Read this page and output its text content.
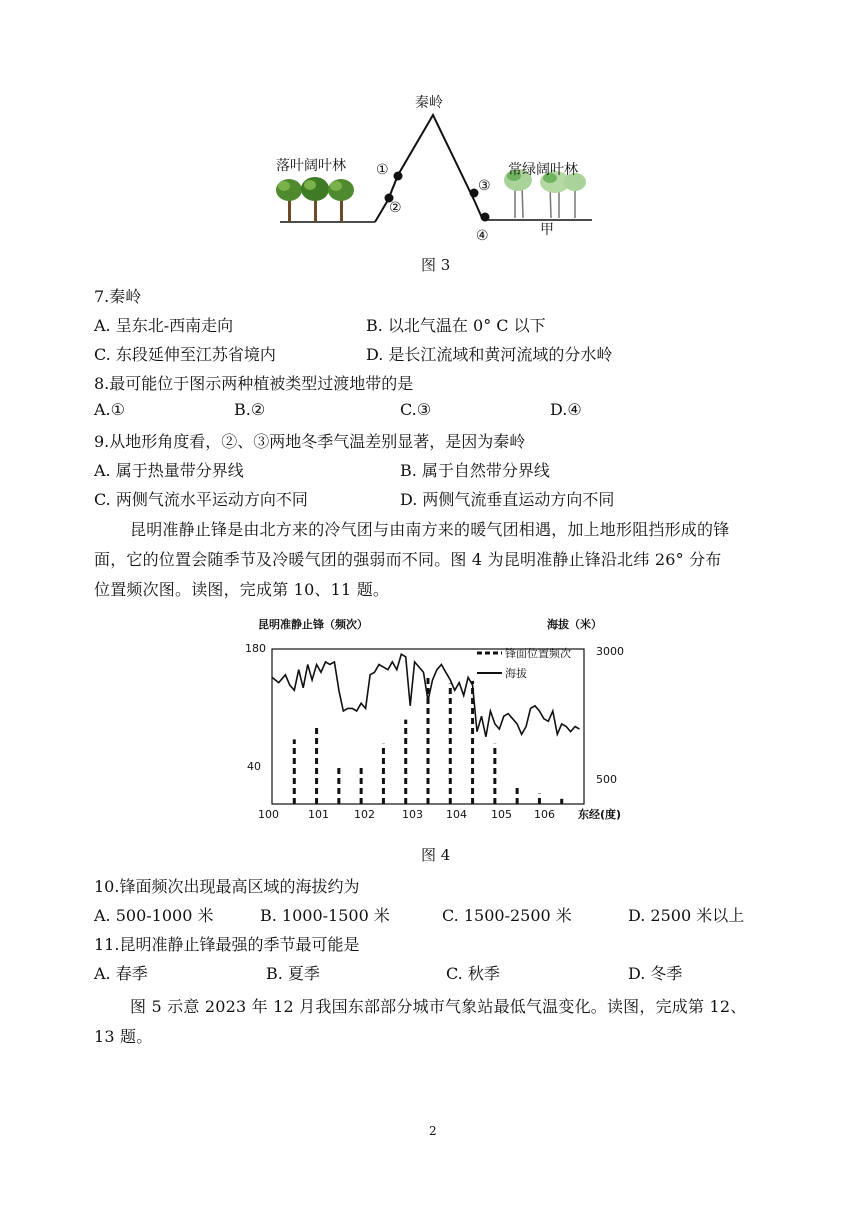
秦岭
落叶阔叶林	常绿阔叶林
①
②
③
④	甲
图 3
7.秦岭
A. 呈东北-西南走向	B. 以北气温在 0° C 以下
C. 东段延伸至江苏省境内	D. 是长江流域和黄河流域的分水岭
8.最可能位于图示两种植被类型过渡地带的是
A.①	B.②	C.③	D.④
9.从地形角度看，②、③两地冬季气温差别显著，是因为秦岭
A. 属于热量带分界线	B. 属于自然带分界线
C. 两侧气流水平运动方向不同	D. 两侧气流垂直运动方向不同
昆明准静止锋是由北方来的冷气团与由南方来的暖气团相遇，加上地形阻挡形成的锋
面，它的位置会随季节及冷暖气团的强弱而不同。图 4 为昆明准静止锋沿北纬 26° 分布
位置频次图。读图，完成第 10、11 题。
昆明准静止锋（频次）	海拔（米）
锋面位置频次
海拔
180
40
3000
500
100	101 102 103 104 105 106 东经(度)
图 4
10.锋面频次出现最高区域的海拔约为
A. 500-1000 米	B. 1000-1500 米	C. 1500-2500 米	D. 2500 米以上
11.昆明准静止锋最强的季节最可能是
A. 春季	B. 夏季	C. 秋季	D. 冬季
图 5 示意 2023 年 12 月我国东部部分城市气象站最低气温变化。读图，完成第 12、
13 题。
2
